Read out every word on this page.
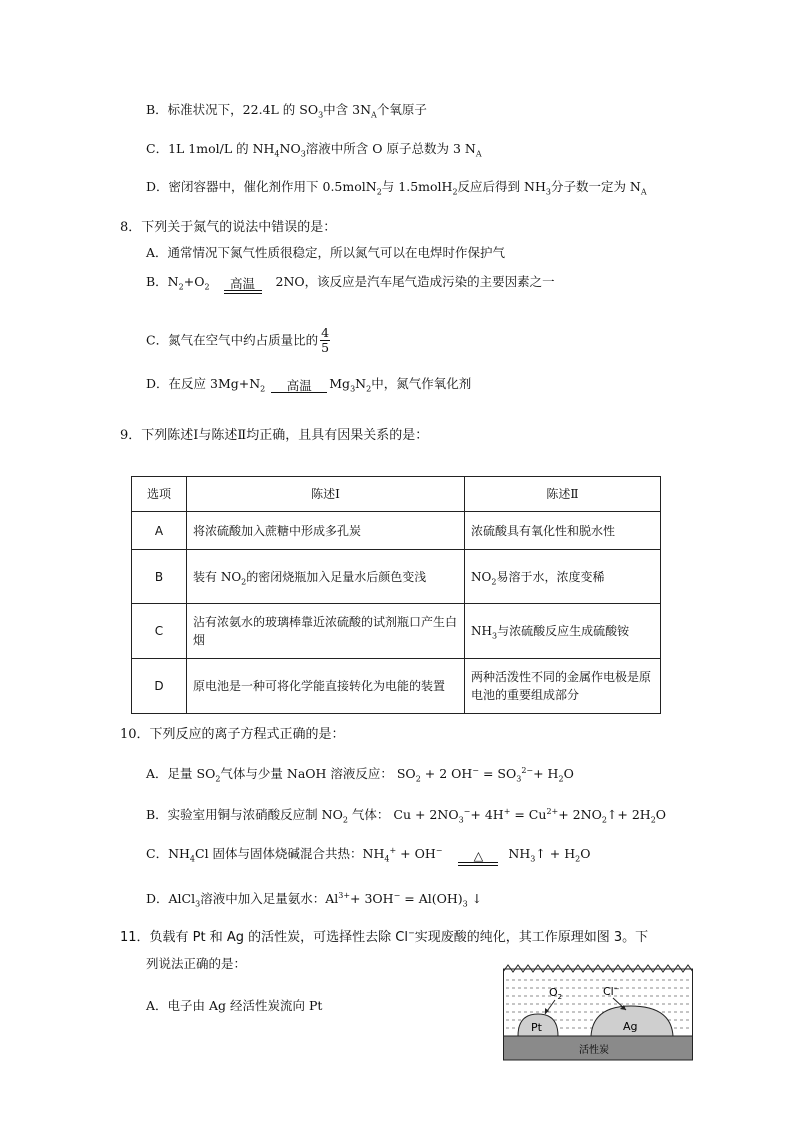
B．标准状况下，22.4L 的 $SO_3$中含 $3N_A$个氧原子
C．1L 1mol/L 的 $NH_4NO_3$溶液中所含 O 原子总数为 3 $N_A$
D．密闭容器中，催化剂作用下 0.5molN$_2$与 1.5molH$_2$反应后得到 $NH_3$分子数一定为 $N_A$
8．下列关于氮气的说法中错误的是：
A．通常情况下氮气性质很稳定，所以氮气可以在电焊时作保护气
B．$N_2+O_2$	高温	2NO，该反应是汽车尾气造成污染的主要因素之一
C．氮气在空气中约占质量比的 $\frac{4}{5}$
D．在反应 $3Mg+N_2$	高温	$Mg_3N_2$中，氮气作氧化剂
9．下列陈述Ⅰ与陈述Ⅱ均正确，且具有因果关系的是：
选项	陈述Ⅰ	陈述Ⅱ
A	将浓硫酸加入蔗糖中形成多孔炭	浓硫酸具有氧化性和脱水性
B	装有 $NO_2$的密闭烧瓶加入足量水后颜色变浅	$NO_2$易溶于水，浓度变稀
C	沾有浓氨水的玻璃棒靠近浓硫酸的试剂瓶口产生白烟	$NH_3$与浓硫酸反应生成硫酸铵
D	原电池是一种可将化学能直接转化为电能的装置	两种活泼性不同的金属作电极是原电池的重要组成部分
10．下列反应的离子方程式正确的是：
A．足量 $SO_2$气体与少量 NaOH 溶液反应： $SO_2 + 2$ $OH^- = SO_3^{2-}+ H_2O$
B．实验室用铜与浓硝酸反应制 $NO_2$ 气体： $Cu + 2NO_3^-+ 4H^+ = Cu^{2+}+$ $2NO_2↑+ 2H_2O$
C．$NH_4Cl$ 固体与固体烧碱混合共热：$NH_4^+ + OH^-$	△	$NH_3↑ + H_2O$
D．AlCl$_3$溶液中加入足量氨水：$Al^{3+}+ 3OH^- = Al(OH)_3$ ↓
11．负载有 Pt 和 Ag 的活性炭，可选择性去除 Cl−实现废酸的纯化，其工作原理如图 3。下
列说法正确的是：
A．电子由 Ag 经活性炭流向 Pt
$O_2$	Cl−
Pt	Ag
活性炭
